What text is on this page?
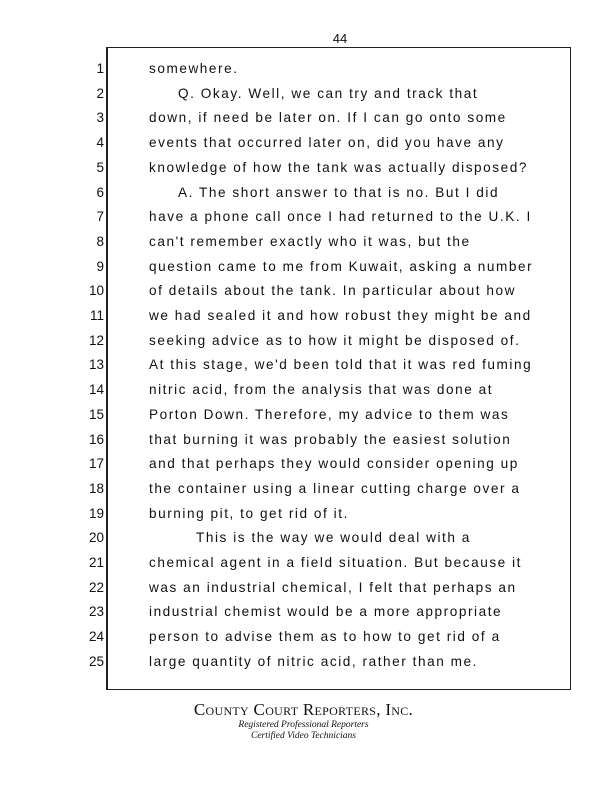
44
1	somewhere.
2	Q. Okay. Well, we can try and track that
3	down, if need be later on. If I can go onto some
4	events that occurred later on, did you have any
5	knowledge of how the tank was actually disposed?
6	A. The short answer to that is no. But I did
7	have a phone call once I had returned to the U.K. I
8	can't remember exactly who it was, but the
9	question came to me from Kuwait, asking a number
10	of details about the tank. In particular about how
11	we had sealed it and how robust they might be and
12	seeking advice as to how it might be disposed of.
13	At this stage, we'd been told that it was red fuming
14	nitric acid, from the analysis that was done at
15	Porton Down. Therefore, my advice to them was
16	that burning it was probably the easiest solution
17	and that perhaps they would consider opening up
18	the container using a linear cutting charge over a
19	burning pit, to get rid of it.
20	This is the way we would deal with a
21	chemical agent in a field situation. But because it
22	was an industrial chemical, I felt that perhaps an
23	industrial chemist would be a more appropriate
24	person to advise them as to how to get rid of a
25	large quantity of nitric acid, rather than me.
County Court Reporters, Inc.
Registered Professional Reporters
Certified Video Technicians
